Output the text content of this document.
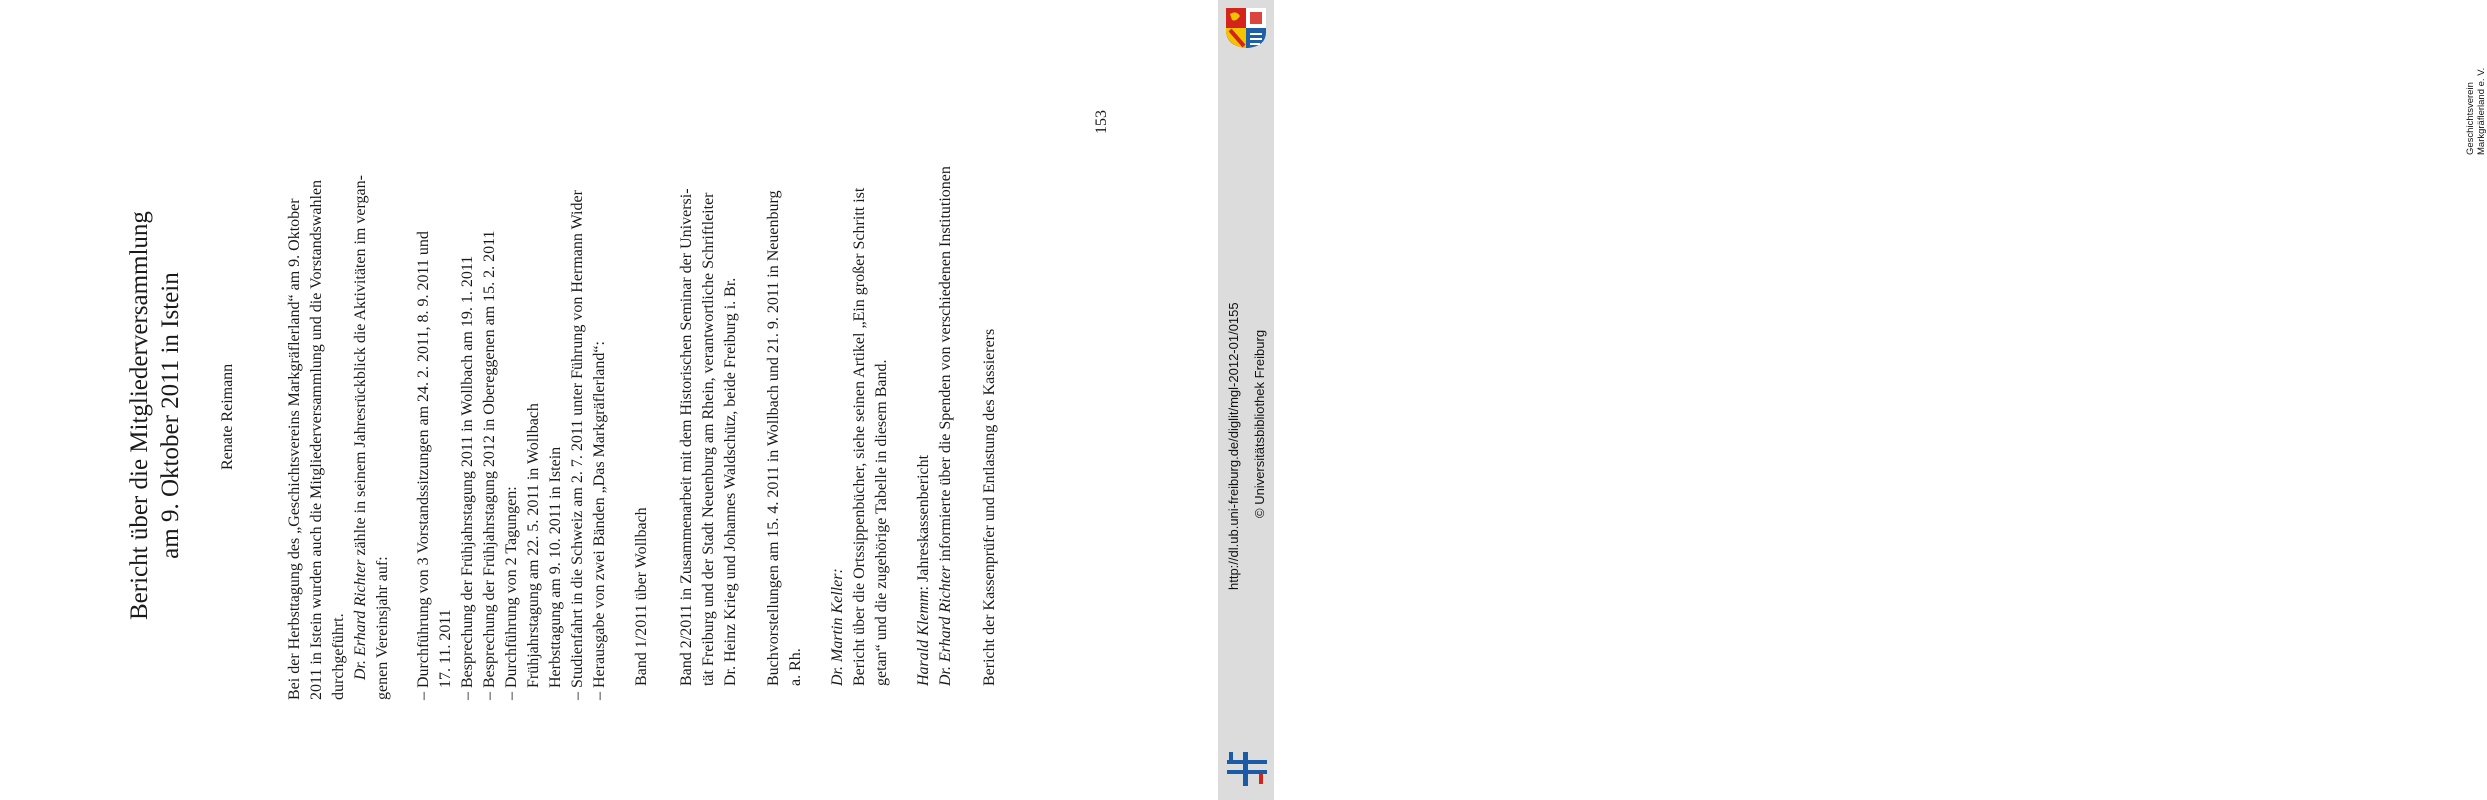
Bericht über die Mitgliederversammlung am 9. Oktober 2011 in Istein Renate Reimann	Bei der Herbsttagung des „Geschichtsvereins Markgräflerland“ am 9. Oktober 2011 in Istein wurden auch die Mitgliederversammlung und die Vorstandswahlen durchgeführt. Dr. Erhard Richter zählte in seinem Jahresrückblick die Aktivitäten im vergan-
genen Vereinsjahr auf: – Durchführung von 3 Vorstandssitzungen am 24. 2. 2011, 8. 9. 2011 und 17. 11. 2011 – Besprechung der Frühjahrstagung 2011 in Wollbach am 19. 1. 2011 – Besprechung der Frühjahrstagung 2012 in Obereggenen am 15. 2. 2011 – Durchführung von 2 Tagungen: Frühjahrstagung am 22. 5. 2011 in Wollbach Herbsttagung am 9. 10. 2011 in Istein – Studienfahrt in die Schweiz am 2. 7. 2011 unter Führung von Hermann Wider – Herausgabe von zwei Bänden „Das Markgräflerland“: Band 1/2011 über Wollbach Band 2/2011 in Zusammenarbeit mit dem Historischen Seminar der Universi- tät Freiburg und der Stadt Neuenburg am Rhein, verantwortliche Schriftleiter Dr. Heinz Krieg und Johannes Waldschütz, beide Freiburg i. Br. Buchvorstellungen am 15. 4. 2011 in Wollbach und 21. 9. 2011 in Neuenburg a. Rh. Dr. Martin Keller: Bericht über die Ortssippenbücher, siehe seinen Artikel „Ein großer Schritt ist getan“ und die zugehörige Tabelle in diesem Band. Harald Klemm: Jahreskassenbericht
Dr. Erhard Richter informierte über die Spenden von verschiedenen Institutionen Bericht der Kassenprüfer und Entlastung des Kassierers
153	Geschichtsverein Markgräflerland e. V.
http://dl.ub.uni-freiburg.de/diglit/mgl-2012-01/0155 © Universitätsbibliothek Freiburg
